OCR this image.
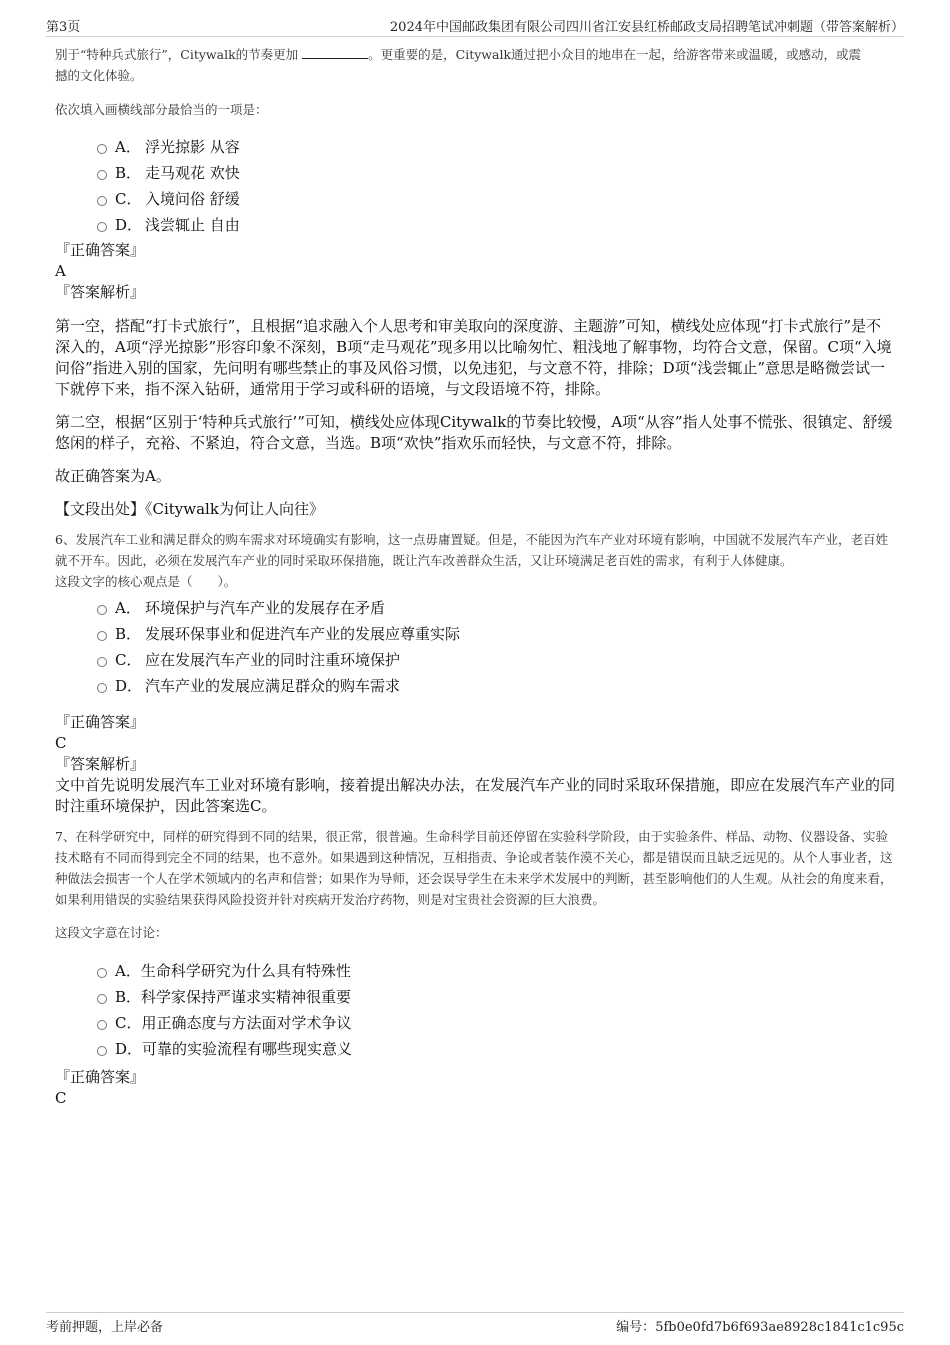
第3页	2024年中国邮政集团有限公司四川省江安县红桥邮政支局招聘笔试冲刺题（带答案解析）
别于“特种兵式旅行”，Citywalk的节奏更加	。更重要的是，Citywalk通过把小众目的地串在一起，给游客带来或温暖，或感动，或震
撼的文化体验。

依次填入画横线部分最恰当的一项是：

A． 浮光掠影 从容
B． 走马观花 欢快
C． 入境问俗 舒缓
D． 浅尝辄止 自由

『正确答案』

A

『答案解析』

第一空，搭配“打卡式旅行”，且根据“追求融入个人思考和审美取向的深度游、主题游”可知，横线处应体现“打卡式旅行”是不深入的，A项“浮光掠影”形容印象不深刻，B项“走马观花”现多用以比喻匆忙、粗浅地了解事物，均符合文意，保留。C项“入境问俗”指进入别的国家，先问明有哪些禁止的事及风俗习惯，以免违犯，与文意不符，排除；D项“浅尝辄止”意思是略微尝试一下就停下来，指不深入钻研，通常用于学习或科研的语境，与文段语境不符，排除。

第二空，根据“区别于‘特种兵式旅行’”可知，横线处应体现Citywalk的节奏比较慢，A项“从容”指人处事不慌张、很镇定、舒缓悠闲的样子，充裕、不紧迫，符合文意，当选。B项“欢快”指欢乐而轻快，与文意不符，排除。

故正确答案为A。

【文段出处】《Citywalk为何让人向往》

6、发展汽车工业和满足群众的购车需求对环境确实有影响，这一点毋庸置疑。但是，不能因为汽车产业对环境有影响，中国就不发展汽车产业，老百姓就不开车。因此，必须在发展汽车产业的同时采取环保措施，既让汽车改善群众生活，又让环境满足老百姓的需求，有利于人体健康。

这段文字的核心观点是（　　）。

A． 环境保护与汽车产业的发展存在矛盾
B． 发展环保事业和促进汽车产业的发展应尊重实际
C． 应在发展汽车产业的同时注重环境保护
D． 汽车产业的发展应满足群众的购车需求

『正确答案』

C

『答案解析』

文中首先说明发展汽车工业对环境有影响，接着提出解决办法，在发展汽车产业的同时采取环保措施，即应在发展汽车产业的同时注重环境保护，因此答案选C。

7、在科学研究中，同样的研究得到不同的结果，很正常，很普遍。生命科学目前还停留在实验科学阶段，由于实验条件、样品、动物、仪器设备、实验技术略有不同而得到完全不同的结果，也不意外。如果遇到这种情况，互相指责、争论或者装作漠不关心，都是错误而且缺乏远见的。从个人事业者，这种做法会损害一个人在学术领域内的名声和信誉；如果作为导师，还会误导学生在未来学术发展中的判断，甚至影响他们的人生观。从社会的角度来看，如果利用错误的实验结果获得风险投资并针对疾病开发治疗药物，则是对宝贵社会资源的巨大浪费。

这段文字意在讨论：

A． 生命科学研究为什么具有特殊性
B． 科学家保持严谨求实精神很重要
C． 用正确态度与方法面对学术争议
D． 可靠的实验流程有哪些现实意义

『正确答案』

C

考前押题，上岸必备	编号：5fb0e0fd7b6f693ae8928c1841c1c95c
